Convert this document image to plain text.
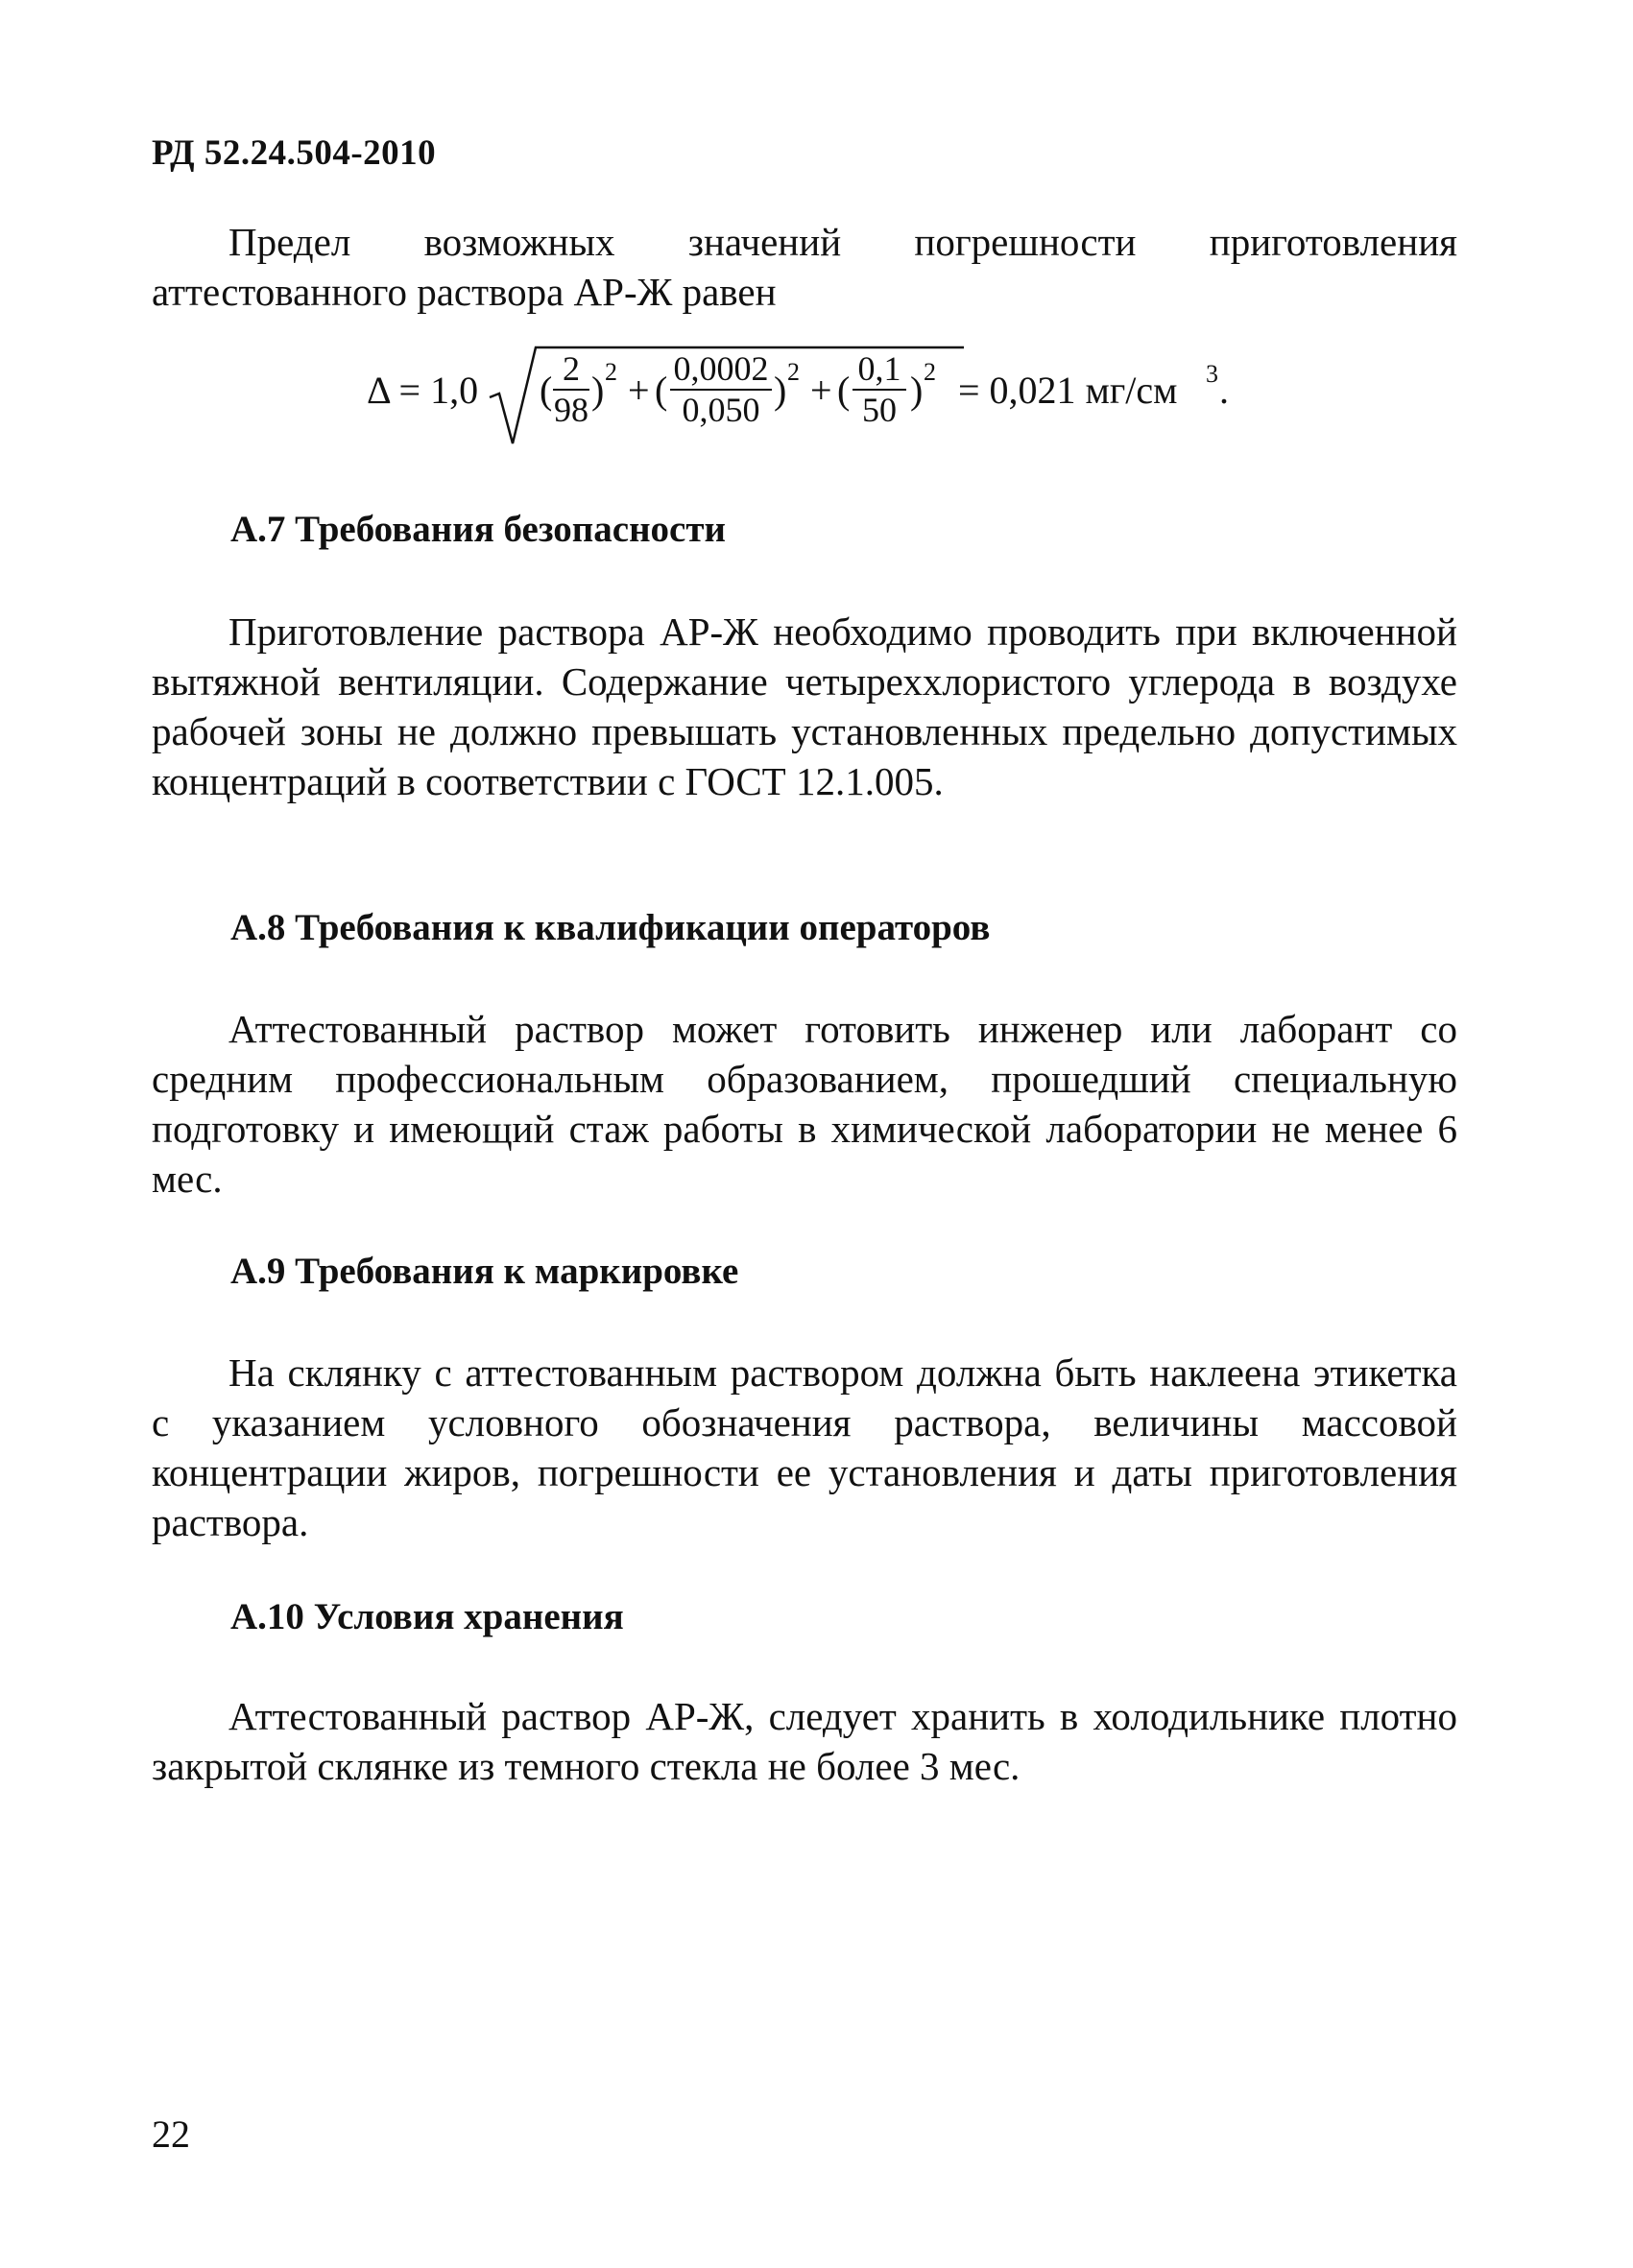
РД 52.24.504-2010

Предел возможных значений погрешности приготовления аттестованного раствора АР-Ж равен

Δ = 1,0 ( 2
98 ) 2 + ( 0,0002
0,050 ) 2 + ( 0,1
50 ) 2 = 0,021 мг/см 3 .
А.7 Требования безопасности

Приготовление раствора АР-Ж необходимо проводить при включенной вытяжной вентиляции. Содержание четыреххлористого углерода в воздухе рабочей зоны не должно превышать установленных предельно допустимых концентраций в соответствии с ГОСТ 12.1.005.

А.8 Требования к квалификации операторов

Аттестованный раствор может готовить инженер или лаборант со средним профессиональным образованием, прошедший специальную подготовку и имеющий стаж работы в химической лаборатории не менее 6 мес.

А.9 Требования к маркировке

На склянку с аттестованным раствором должна быть наклеена этикетка с указанием условного обозначения раствора, величины массовой концентрации жиров, погрешности ее установления и даты приготовления раствора.

А.10 Условия хранения

Аттестованный раствор АР-Ж, следует хранить в холодильнике плотно закрытой склянке из темного стекла не более 3 мес.

22
